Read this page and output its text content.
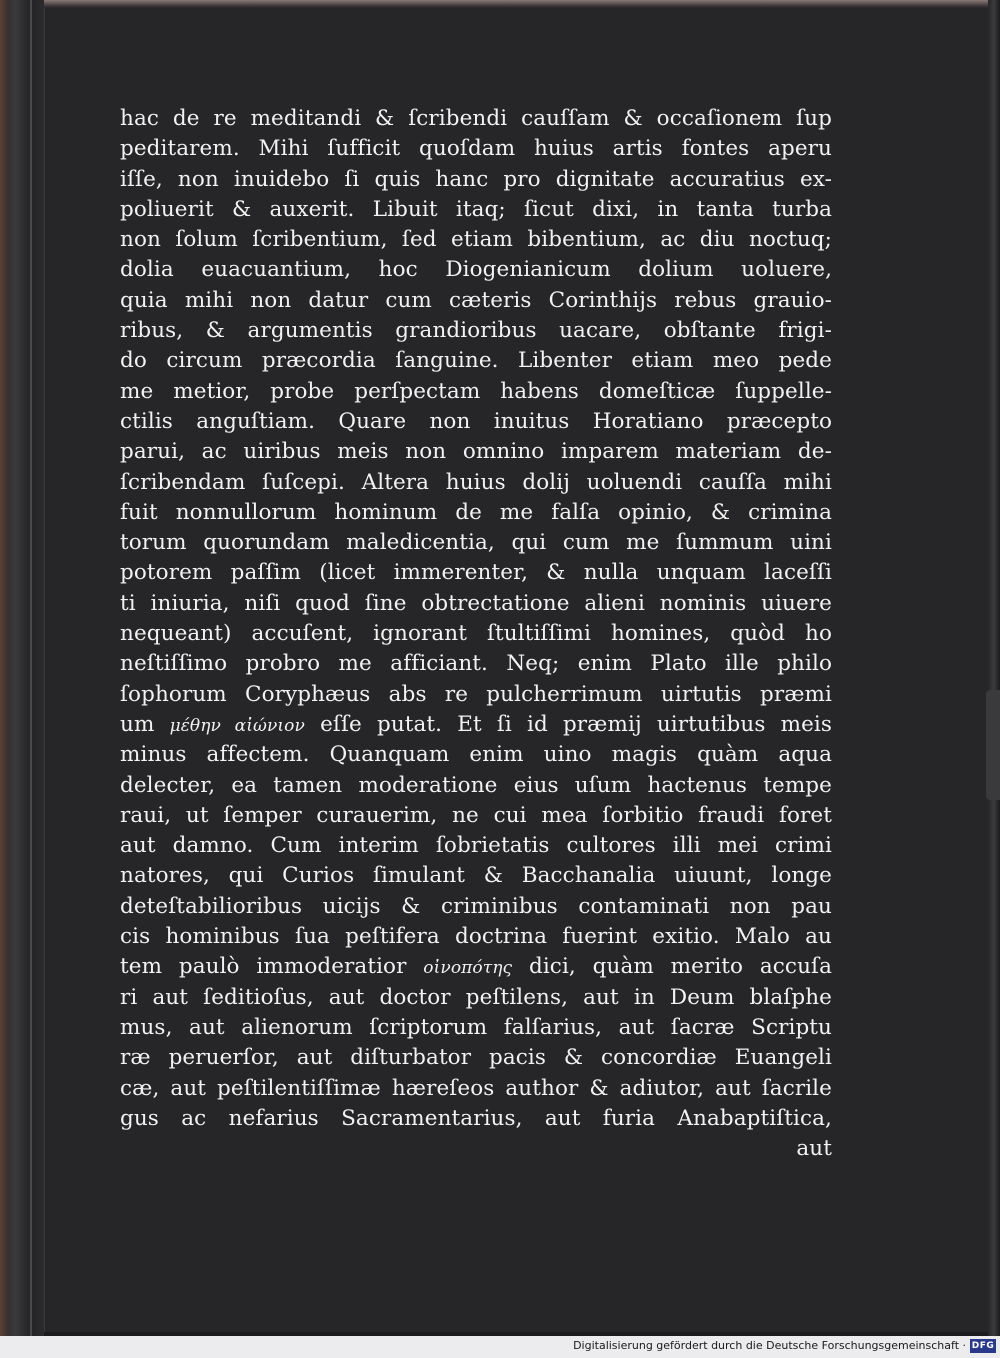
hac de re meditandi & ſcribendi cauſſam & occaſionem ſup
peditarem. Mihi ſufficit quoſdam huius artis fontes aperu
iſſe, non inuidebo ſi quis hanc pro dignitate accuratius ex-
poliuerit & auxerit. Libuit itaq; ſicut dixi, in tanta turba
non ſolum ſcribentium, ſed etiam bibentium, ac diu noctuq;
dolia euacuantium, hoc Diogenianicum dolium uoluere,
quia mihi non datur cum cæteris Corinthijs rebus grauio-
ribus, & argumentis grandioribus uacare, obſtante frigi-
do circum præcordia ſanguine. Libenter etiam meo pede
me metior, probe perſpectam habens domeſticæ ſuppelle-
ctilis anguſtiam. Quare non inuitus Horatiano præcepto
parui, ac uiribus meis non omnino imparem materiam de-
ſcribendam ſuſcepi. Altera huius dolij uoluendi cauſſa mihi
fuit nonnullorum hominum de me falſa opinio, & crimina
torum quorundam maledicentia, qui cum me ſummum uini
potorem paſſim (licet immerenter, & nulla unquam laceſſi
ti iniuria, niſi quod ſine obtrectatione alieni nominis uiuere
nequeant) accuſent, ignorant ſtultiſſimi homines, quòd ho
neſtiſſimo probro me afficiant. Neq; enim Plato ille philo
ſophorum Coryphæus abs re pulcherrimum uirtutis præmi
um μέθην αἰώνιον eſſe putat. Et ſi id præmij uirtutibus meis
minus affectem. Quanquam enim uino magis quàm aqua
delecter, ea tamen moderatione eius uſum hactenus tempe
raui, ut ſemper curauerim, ne cui mea ſorbitio fraudi foret
aut damno. Cum interim ſobrietatis cultores illi mei crimi
natores, qui Curios ſimulant & Bacchanalia uiuunt, longe
deteſtabilioribus uicijs & criminibus contaminati non pau
cis hominibus ſua peſtifera doctrina fuerint exitio. Malo au
tem paulò immoderatior οἰνοπότης dici, quàm merito accuſa
ri aut ſeditioſus, aut doctor peſtilens, aut in Deum blaſphe
mus, aut alienorum ſcriptorum falſarius, aut ſacræ Scriptu
ræ peruerſor, aut diſturbator pacis & concordiæ Euangeli
cæ, aut peſtilentiſſimæ hæreſeos author & adiutor, aut ſacrile
gus ac nefarius Sacramentarius, aut furia Anabaptiſtica,
aut
Digitalisierung gefördert durch die Deutsche Forschungsgemeinschaft · DFG
